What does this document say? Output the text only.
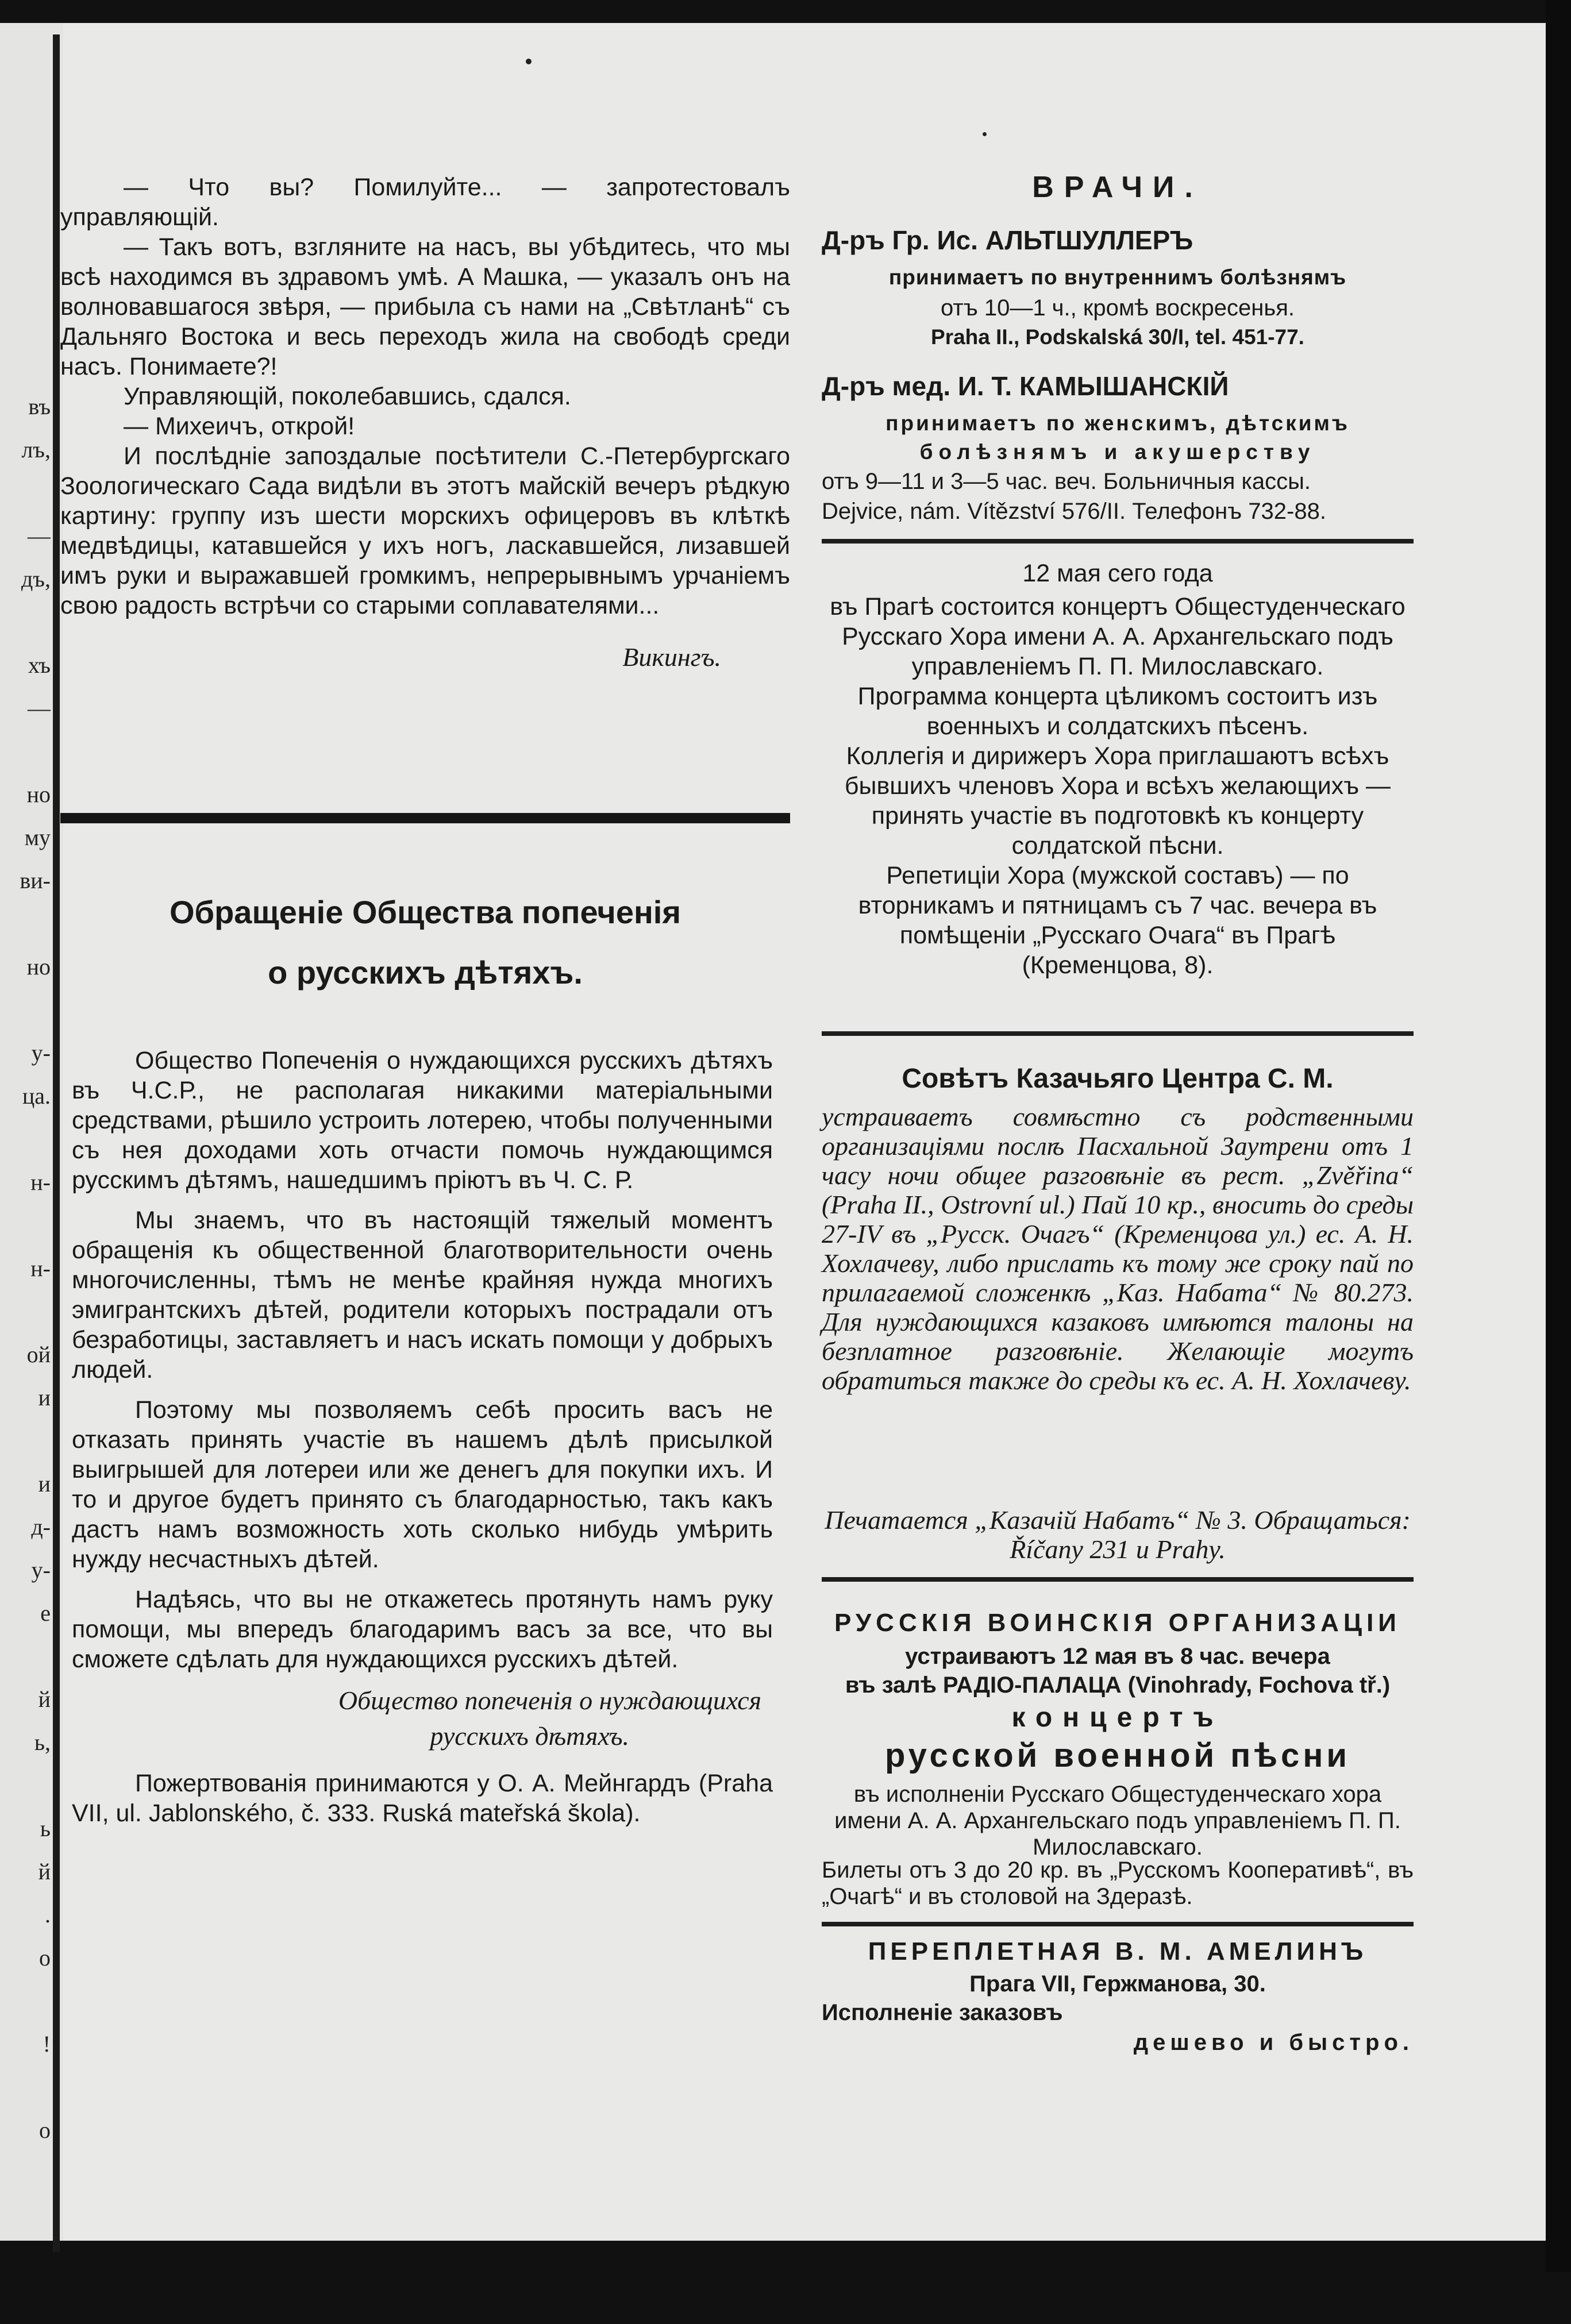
въ
лъ,
—
дъ,
хъ
—
но
му
ви-
но
у-
ца.
н-
н-
ой
и
и
д-
у-
е
й
ь,
ь
й
.
о
!
о

— Что вы? Помилуйте... — запротестовалъ управляющій.

— Такъ вотъ, взгляните на насъ, вы убѣдитесь, что мы всѣ находимся въ здравомъ умѣ. А Машка, — указалъ онъ на волновавшагося звѣря, — прибыла съ нами на „Свѣтланѣ“ съ Дальняго Востока и весь переходъ жила на свободѣ среди насъ. Понимаете?!

Управляющій, поколебавшись, сдался.

— Михеичъ, открой!

И послѣдніе запоздалые посѣтители С.-Петербургскаго Зоологическаго Сада видѣли въ этотъ майскій вечеръ рѣдкую картину: группу изъ шести морскихъ офицеровъ въ клѣткѣ медвѣдицы, катавшейся у ихъ ногъ, ласкавшейся, лизавшей имъ руки и выражавшей громкимъ, непрерывнымъ урчаніемъ свою радость встрѣчи со старыми соплавателями...

Викингъ.

Обращеніе Общества попеченія
о русскихъ дѣтяхъ.

Общество Попеченія о нуждающихся русскихъ дѣтяхъ въ Ч.С.Р., не располагая никакими матеріальными средствами, рѣшило устроить лотерею, чтобы полученными съ нея доходами хоть отчасти помочь нуждающимся русскимъ дѣтямъ, нашедшимъ пріютъ въ Ч. С. Р.

Мы знаемъ, что въ настоящій тяжелый моментъ обращенія къ общественной благотворительности очень многочисленны, тѣмъ не менѣе крайняя нужда многихъ эмигрантскихъ дѣтей, родители которыхъ пострадали отъ безработицы, заставляетъ и насъ искать помощи у добрыхъ людей.

Поэтому мы позволяемъ себѣ просить васъ не отказать принять участіе въ нашемъ дѣлѣ присылкой выигрышей для лотереи или же денегъ для покупки ихъ. И то и другое будетъ принято съ благодарностью, такъ какъ дастъ намъ возможность хоть сколько нибудь умѣрить нужду несчастныхъ дѣтей.

Надѣясь, что вы не откажетесь протянуть намъ руку помощи, мы впередъ благодаримъ васъ за все, что вы сможете сдѣлать для нуждающихся русскихъ дѣтей.

Общество попеченія о нуждающихся

русскихъ дѣтяхъ.

Пожертвованія принимаются у О. А. Мейнгардъ (Praha VII, ul. Jablonského, č. 333. Ruská mateřská škola).

ВРАЧИ.
Д-ръ Гр. Ис. АЛЬТШУЛЛЕРЪ
принимаетъ по внутреннимъ болѣзнямъ
отъ 10—1 ч., кромѣ воскресенья.
Praha II., Podskalská 30/I, tel. 451-77.
Д-ръ мед. И. Т. КАМЫШАНСКІЙ
принимаетъ по женскимъ, дѣтскимъ
болѣзнямъ и акушерству
отъ 9—11 и 3—5 час. веч. Больничныя кассы.
Dejvice, nám. Vítězství 576/II. Телефонъ 732-88.
12 мая сего года

въ Прагѣ состоится концертъ Общестуденческаго Русскаго Хора имени А. А. Архангельскаго подъ управленіемъ П. П. Милославскаго.

Программа концерта цѣликомъ состоитъ изъ военныхъ и солдатскихъ пѣсенъ.

Коллегія и дирижеръ Хора приглашаютъ всѣхъ бывшихъ членовъ Хора и всѣхъ желающихъ — принять участіе въ подготовкѣ къ концерту солдатской пѣсни.

Репетиціи Хора (мужской составъ) — по вторникамъ и пятницамъ съ 7 час. вечера въ помѣщеніи „Русскаго Очага“ въ Прагѣ (Кременцова, 8).

Совѣтъ Казачьяго Центра С. М.
устраиваетъ совмѣстно съ родственными организаціями послѣ Пасхальной Заутрени отъ 1 часу ночи общее разговѣніе въ рест. „Zvěřina“ (Praha II., Ostrovní ul.) Пай 10 кр., вносить до среды 27-IV въ „Русск. Очагъ“ (Кременцова ул.) ес. А. Н. Хохлачеву, либо прислать къ тому же сроку пай по прилагаемой сложенкѣ „Каз. Набата“ № 80.273. Для нуждающихся казаковъ имѣются талоны на безплатное разговѣніе. Желающіе могутъ обратиться также до среды къ ес. А. Н. Хохлачеву.
Печатается „Казачій Набатъ“ № 3. Обращаться: Říčany 231 и Prahy.
РУССКІЯ ВОИНСКІЯ ОРГАНИЗАЦІИ
устраиваютъ 12 мая въ 8 час. вечера
въ залѣ РАДІО-ПАЛАЦА (Vinohrady, Fochova tř.)
концертъ
русской военной пѣсни
въ исполненіи Русскаго Общестуденческаго хора имени А. А. Архангельскаго подъ управленіемъ П. П. Милославскаго.
Билеты отъ 3 до 20 кр. въ „Русскомъ Кооперативѣ“, въ „Очагѣ“ и въ столовой на Здеразѣ.
ПЕРЕПЛЕТНАЯ В. М. АМЕЛИНЪ
Прага VII, Гержманова, 30.
Исполненіе заказовъ
дешево и быстро.
